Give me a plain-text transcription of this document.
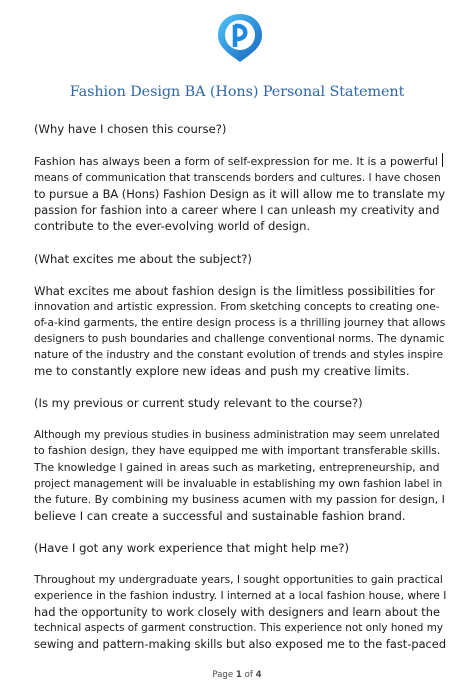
Fashion Design BA (Hons) Personal Statement
(Why have I chosen this course?)
Fashion has always been a form of self-expression for me. It is a powerful
means of communication that transcends borders and cultures. I have chosen
to pursue a BA (Hons) Fashion Design as it will allow me to translate my
passion for fashion into a career where I can unleash my creativity and
contribute to the ever-evolving world of design.
(What excites me about the subject?)
What excites me about fashion design is the limitless possibilities for
innovation and artistic expression. From sketching concepts to creating one-
of-a-kind garments, the entire design process is a thrilling journey that allows
designers to push boundaries and challenge conventional norms. The dynamic
nature of the industry and the constant evolution of trends and styles inspire
me to constantly explore new ideas and push my creative limits.
(Is my previous or current study relevant to the course?)
Although my previous studies in business administration may seem unrelated
to fashion design, they have equipped me with important transferable skills.
The knowledge I gained in areas such as marketing, entrepreneurship, and
project management will be invaluable in establishing my own fashion label in
the future. By combining my business acumen with my passion for design, I
believe I can create a successful and sustainable fashion brand.
(Have I got any work experience that might help me?)
Throughout my undergraduate years, I sought opportunities to gain practical
experience in the fashion industry. I interned at a local fashion house, where I
had the opportunity to work closely with designers and learn about the
technical aspects of garment construction. This experience not only honed my
sewing and pattern-making skills but also exposed me to the fast-paced
Page 1 of 4
